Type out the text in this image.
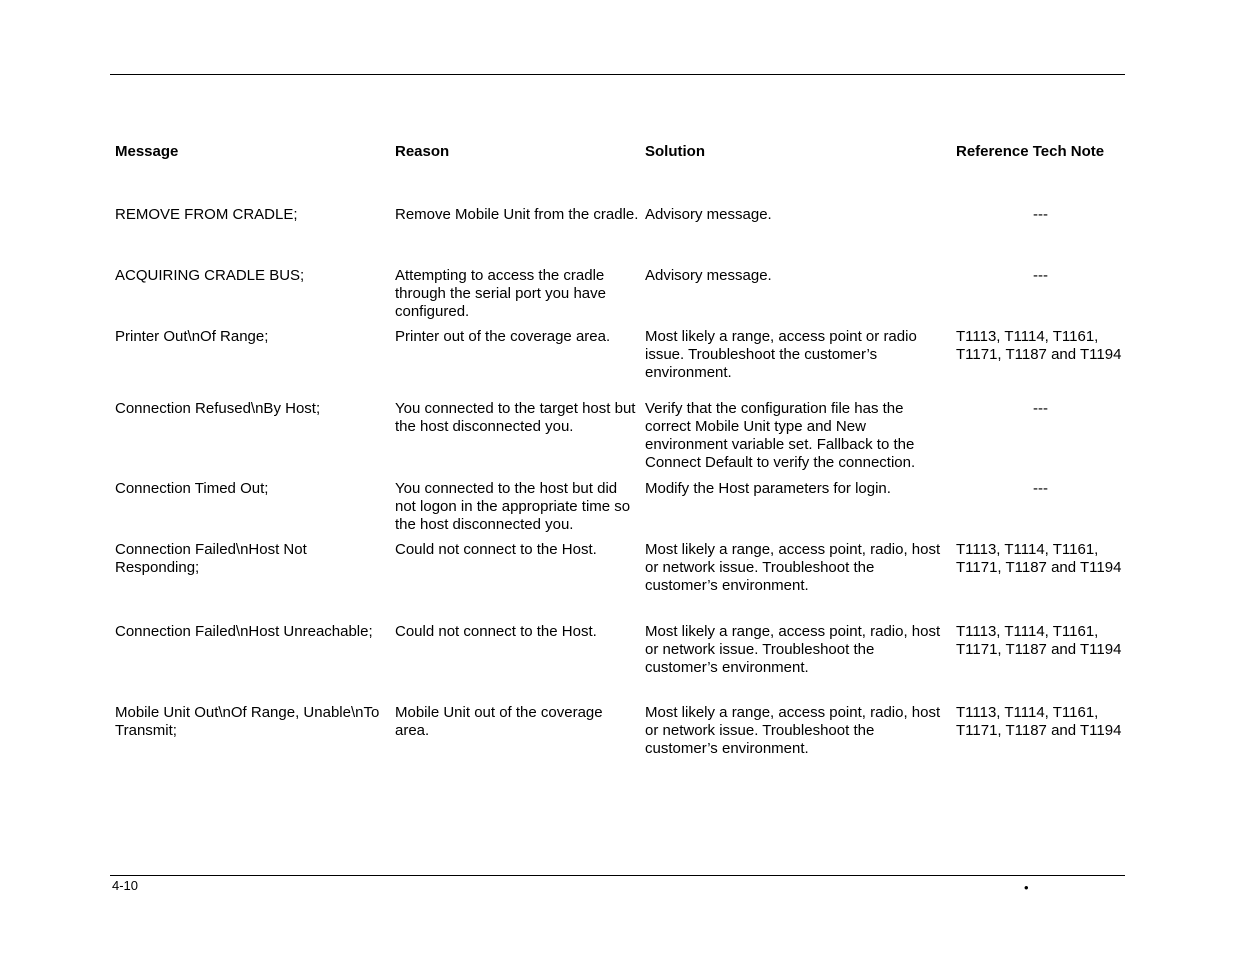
Message	Reason	Solution	Reference Tech Note
REMOVE FROM CRADLE;	Remove Mobile Unit from the cradle.	Advisory message.	---
ACQUIRING CRADLE BUS;	Attempting to access the cradle through the serial port you have configured.	Advisory message.	---
Printer Out\nOf Range;	Printer out of the coverage area.	Most likely a range, access point or radio issue. Troubleshoot the customer’s environment.	T1113, T1114, T1161, T1171, T1187 and T1194
Connection Refused\nBy Host;	You connected to the target host but the host disconnected you.	Verify that the configuration file has the correct Mobile Unit type and New environment variable set. Fallback to the Connect Default to verify the connection.	---
Connection Timed Out;	You connected to the host but did not logon in the appropriate time so the host disconnected you.	Modify the Host parameters for login.	---
Connection Failed\nHost Not Responding;	Could not connect to the Host.	Most likely a range, access point, radio, host or network issue. Troubleshoot the customer’s environment.	T1113, T1114, T1161, T1171, T1187 and T1194
Connection Failed\nHost Unreachable;	Could not connect to the Host.	Most likely a range, access point, radio, host or network issue. Troubleshoot the customer’s environment.	T1113, T1114, T1161, T1171, T1187 and T1194
Mobile Unit Out\nOf Range, Unable\nTo Transmit;	Mobile Unit out of the coverage area.	Most likely a range, access point, radio, host or network issue. Troubleshoot the customer’s environment.	T1113, T1114, T1161, T1171, T1187 and T1194
4-10	•
